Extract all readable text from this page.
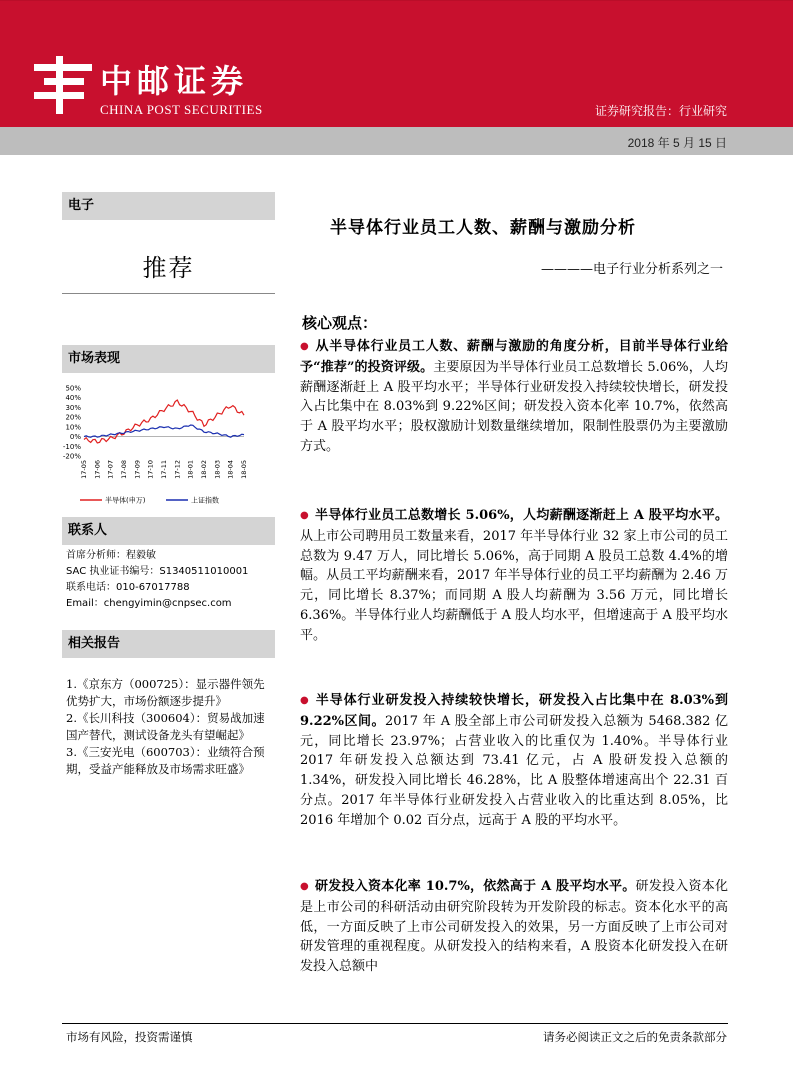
中邮证券
CHINA POST SECURITIES	证券研究报告：行业研究
2018 年 5 月 15 日
电子
推荐
市场表现
50%
40%
30%
20%
10%
0%
-10%
-20%
17-05 17-06 17-07 17-08 17-09 17-10 17-11 17-12 18-01 18-02 18-03 18-04 18-05
半导体(申万)	上证指数
联系人
首席分析师：程毅敏
SAC 执业证书编号：S1340511010001
联系电话：010-67017788
Email：chengyimin@cnpsec.com
相关报告
1.《京东方（000725）：显示器件领先优势扩大，市场份额逐步提升》
2.《长川科技（300604）：贸易战加速国产替代，测试设备龙头有望崛起》
3.《三安光电（600703）：业绩符合预期，受益产能释放及市场需求旺盛》
半导体行业员工人数、薪酬与激励分析
————电子行业分析系列之一
核心观点：
● 从半导体行业员工人数、薪酬与激励的角度分析，目前半导体行业给予“推荐”的投资评级。主要原因为半导体行业员工总数增长 5.06%，人均薪酬逐渐赶上 A 股平均水平；半导体行业研发投入持续较快增长，研发投入占比集中在 8.03%到 9.22%区间；研发投入资本化率 10.7%，依然高于 A 股平均水平；股权激励计划数量继续增加，限制性股票仍为主要激励方式。
● 半导体行业员工总数增长 5.06%，人均薪酬逐渐赶上 A 股平均水平。从上市公司聘用员工数量来看，2017 年半导体行业 32 家上市公司的员工总数为 9.47 万人，同比增长 5.06%，高于同期 A 股员工总数 4.4%的增幅。从员工平均薪酬来看，2017 年半导体行业的员工平均薪酬为 2.46 万元，同比增长 8.37%；而同期 A 股人均薪酬为 3.56 万元，同比增长 6.36%。半导体行业人均薪酬低于 A 股人均水平，但增速高于 A 股平均水平。
● 半导体行业研发投入持续较快增长，研发投入占比集中在 8.03%到 9.22%区间。2017 年 A 股全部上市公司研发投入总额为 5468.382 亿元，同比增长 23.97%；占营业收入的比重仅为 1.40%。半导体行业 2017 年研发投入总额达到 73.41 亿元，占 A 股研发投入总额的 1.34%，研发投入同比增长 46.28%，比 A 股整体增速高出个 22.31 百分点。2017 年半导体行业研发投入占营业收入的比重达到 8.05%，比 2016 年增加个 0.02 百分点，远高于 A 股的平均水平。
● 研发投入资本化率 10.7%，依然高于 A 股平均水平。研发投入资本化是上市公司的科研活动由研究阶段转为开发阶段的标志。资本化水平的高低，一方面反映了上市公司研发投入的效果，另一方面反映了上市公司对研发管理的重视程度。从研发投入的结构来看，A 股资本化研发投入在研发投入总额中
市场有风险，投资需谨慎	请务必阅读正文之后的免责条款部分
